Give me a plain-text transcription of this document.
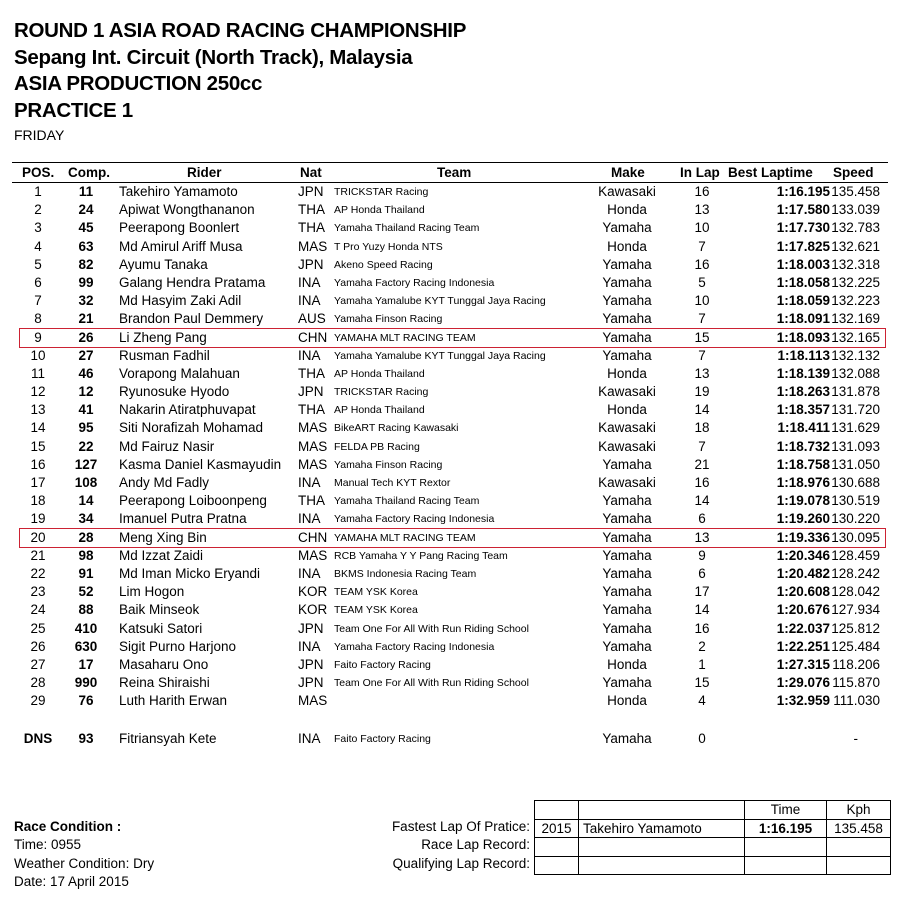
ROUND 1 ASIA ROAD RACING CHAMPIONSHIP
Sepang Int. Circuit (North Track), Malaysia
ASIA PRODUCTION 250cc
PRACTICE 1
FRIDAY
POS. Comp.	Rider	Nat	Team	Make	In Lap Best Laptime Speed
1	11	Takehiro Yamamoto	JPN TRICKSTAR Racing	Kawasaki	16	1:16.195 135.458
2	24	Apiwat Wongthananon	THA AP Honda Thailand	Honda	13	1:17.580 133.039
3	45	Peerapong Boonlert	THA Yamaha Thailand Racing Team	Yamaha	10	1:17.730 132.783
4	63	Md Amirul Ariff Musa	MAS T Pro Yuzy Honda NTS	Honda	7	1:17.825 132.621
5	82	Ayumu Tanaka	JPN Akeno Speed Racing	Yamaha	16	1:18.003 132.318
6	99	Galang Hendra Pratama INA Yamaha Factory Racing Indonesia	Yamaha	5	1:18.058 132.225
7	32	Md Hasyim Zaki Adil	INA Yamaha Yamalube KYT Tunggal Jaya Racing	Yamaha	10	1:18.059 132.223
8	21	Brandon Paul Demmery	AUS Yamaha Finson Racing	Yamaha	7	1:18.091 132.169
9	26	Li Zheng Pang	CHN YAMAHA MLT RACING TEAM	Yamaha	15	1:18.093 132.165
10	27	Rusman Fadhil	INA Yamaha Yamalube KYT Tunggal Jaya Racing	Yamaha	7	1:18.113 132.132
11	46	Vorapong Malahuan	THA AP Honda Thailand	Honda	13	1:18.139 132.088
12	12	Ryunosuke Hyodo	JPN TRICKSTAR Racing	Kawasaki	19	1:18.263 131.878
13	41	Nakarin Atiratphuvapat	THA AP Honda Thailand	Honda	14	1:18.357 131.720
14	95	Siti Norafizah Mohamad	MAS BikeART Racing Kawasaki	Kawasaki	18	1:18.411 131.629
15	22	Md Fairuz Nasir	MAS FELDA PB Racing	Kawasaki	7	1:18.732 131.093
16	127	Kasma Daniel Kasmayudin MAS Yamaha Finson Racing	Yamaha	21	1:18.758 131.050
17	108	Andy Md Fadly	INA Manual Tech KYT Rextor	Kawasaki	16	1:18.976 130.688
18	14	Peerapong Loiboonpeng THA Yamaha Thailand Racing Team	Yamaha	14	1:19.078 130.519
19	34	Imanuel Putra Pratna	INA Yamaha Factory Racing Indonesia	Yamaha	6	1:19.260 130.220
20	28	Meng Xing Bin	CHN YAMAHA MLT RACING TEAM	Yamaha	13	1:19.336 130.095
21	98	Md Izzat Zaidi	MAS RCB Yamaha Y Y Pang Racing Team	Yamaha	9	1:20.346 128.459
22	91	Md Iman Micko Eryandi	INA BKMS Indonesia Racing Team	Yamaha	6	1:20.482 128.242
23	52	Lim Hogon	KOR TEAM YSK Korea	Yamaha	17	1:20.608 128.042
24	88	Baik Minseok	KOR TEAM YSK Korea	Yamaha	14	1:20.676 127.934
25	410	Katsuki Satori	JPN Team One For All With Run Riding School	Yamaha	16	1:22.037 125.812
26	630	Sigit Purno Harjono	INA Yamaha Factory Racing Indonesia	Yamaha	2	1:22.251 125.484
27	17	Masaharu Ono	JPN Faito Factory Racing	Honda	1	1:27.315 118.206
28	990	Reina Shiraishi	JPN Team One For All With Run Riding School	Yamaha	15	1:29.076 115.870
29	76	Luth Harith Erwan	MAS	Honda	4	1:32.959 111.030
DNS	93	Fitriansyah Kete	INA Faito Factory Racing	Yamaha	0	-
Race Condition :
Time: 0955
Weather Condition: Dry
Date: 17 April 2015
Fastest Lap Of Pratice:
Race Lap Record:
Qualifying Lap Record:
		Time	Kph
2015	Takehiro Yamamoto	1:16.195	135.458
